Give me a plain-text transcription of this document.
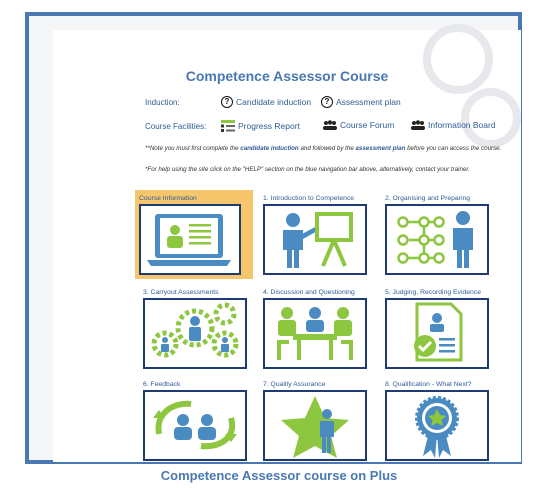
Competence Assessor Course
Induction:	? Candidate induction	? Assessment plan
Course Facilities:	Progress Report	Course Forum	Information Board
**Note you must first complete the candidate induction and followed by the assessment plan before you can access the course.
*For help using the site click on the "HELP" section on the blue navigation bar above, alternatively, contact your trainer.
Course Information	1. Introduction to Competence	2. Organising and Preparing
3. Carryout Assessments	4. Discussion and Questioning	5. Judging, Recording Evidence
6. Feedback	7. Quality Assurance	8. Qualification - What Next?
Competence Assessor course on Plus
